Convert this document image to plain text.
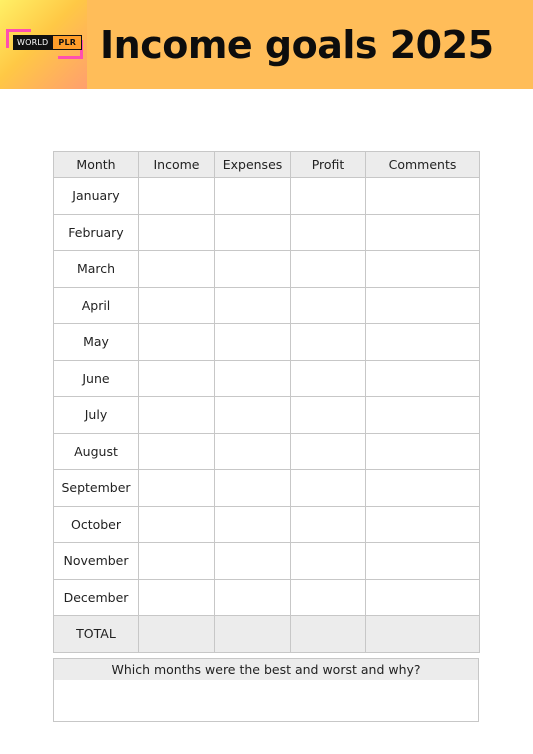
WORLD	PLR Income goals 2025
Month	Income	Expenses	Profit	Comments
January				
February				
March				
April				
May				
June				
July				
August				
September				
October				
November				
December				
TOTAL				
Which months were the best and worst and why?
